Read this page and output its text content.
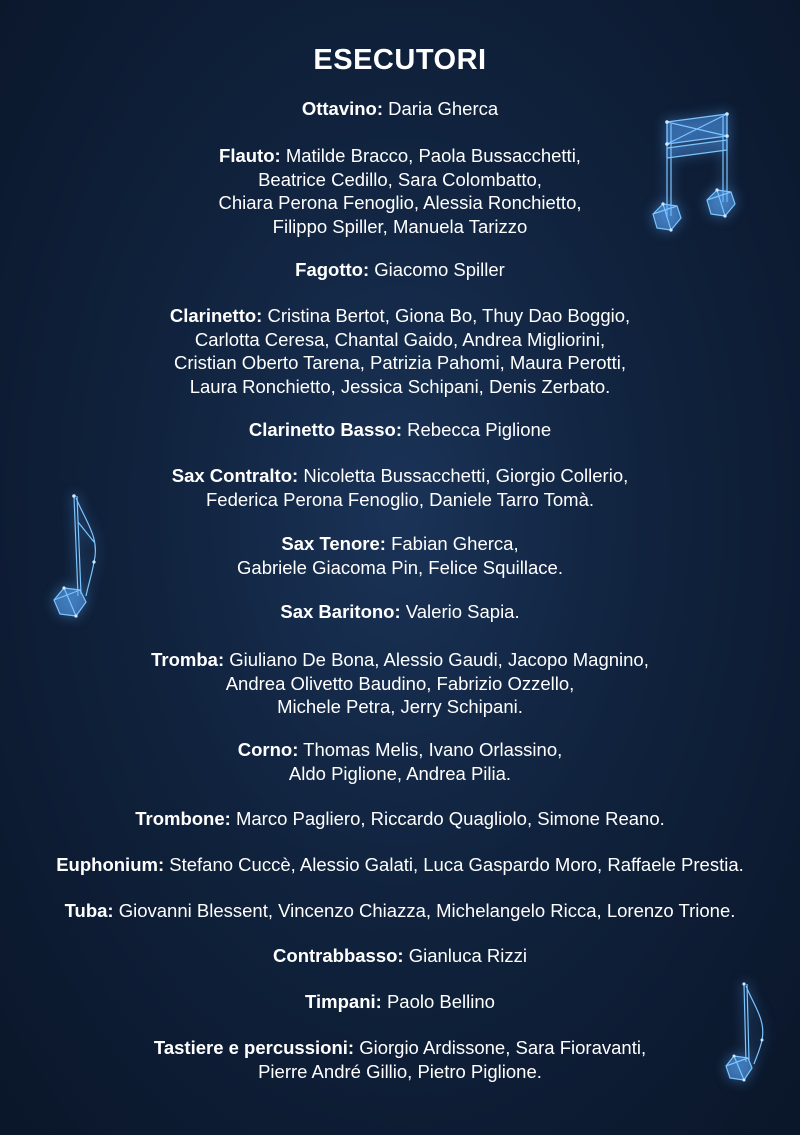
ESECUTORI
Ottavino: Daria Gherca
Flauto: Matilde Bracco, Paola Bussacchetti,
Beatrice Cedillo, Sara Colombatto,
Chiara Perona Fenoglio, Alessia Ronchietto,
Filippo Spiller, Manuela Tarizzo
Fagotto: Giacomo Spiller
Clarinetto: Cristina Bertot, Giona Bo, Thuy Dao Boggio,
Carlotta Ceresa, Chantal Gaido, Andrea Migliorini,
Cristian Oberto Tarena, Patrizia Pahomi, Maura Perotti,
Laura Ronchietto, Jessica Schipani, Denis Zerbato.
Clarinetto Basso: Rebecca Piglione
Sax Contralto: Nicoletta Bussacchetti, Giorgio Collerio,
Federica Perona Fenoglio, Daniele Tarro Tomà.
Sax Tenore: Fabian Gherca,
Gabriele Giacoma Pin, Felice Squillace.
Sax Baritono: Valerio Sapia.
Tromba: Giuliano De Bona, Alessio Gaudi, Jacopo Magnino,
Andrea Olivetto Baudino, Fabrizio Ozzello,
Michele Petra, Jerry Schipani.
Corno: Thomas Melis, Ivano Orlassino,
Aldo Piglione, Andrea Pilia.
Trombone: Marco Pagliero, Riccardo Quagliolo, Simone Reano.
Euphonium: Stefano Cuccè, Alessio Galati, Luca Gaspardo Moro, Raffaele Prestia.
Tuba: Giovanni Blessent, Vincenzo Chiazza, Michelangelo Ricca, Lorenzo Trione.
Contrabbasso: Gianluca Rizzi
Timpani: Paolo Bellino
Tastiere e percussioni: Giorgio Ardissone, Sara Fioravanti,
Pierre André Gillio, Pietro Piglione.
